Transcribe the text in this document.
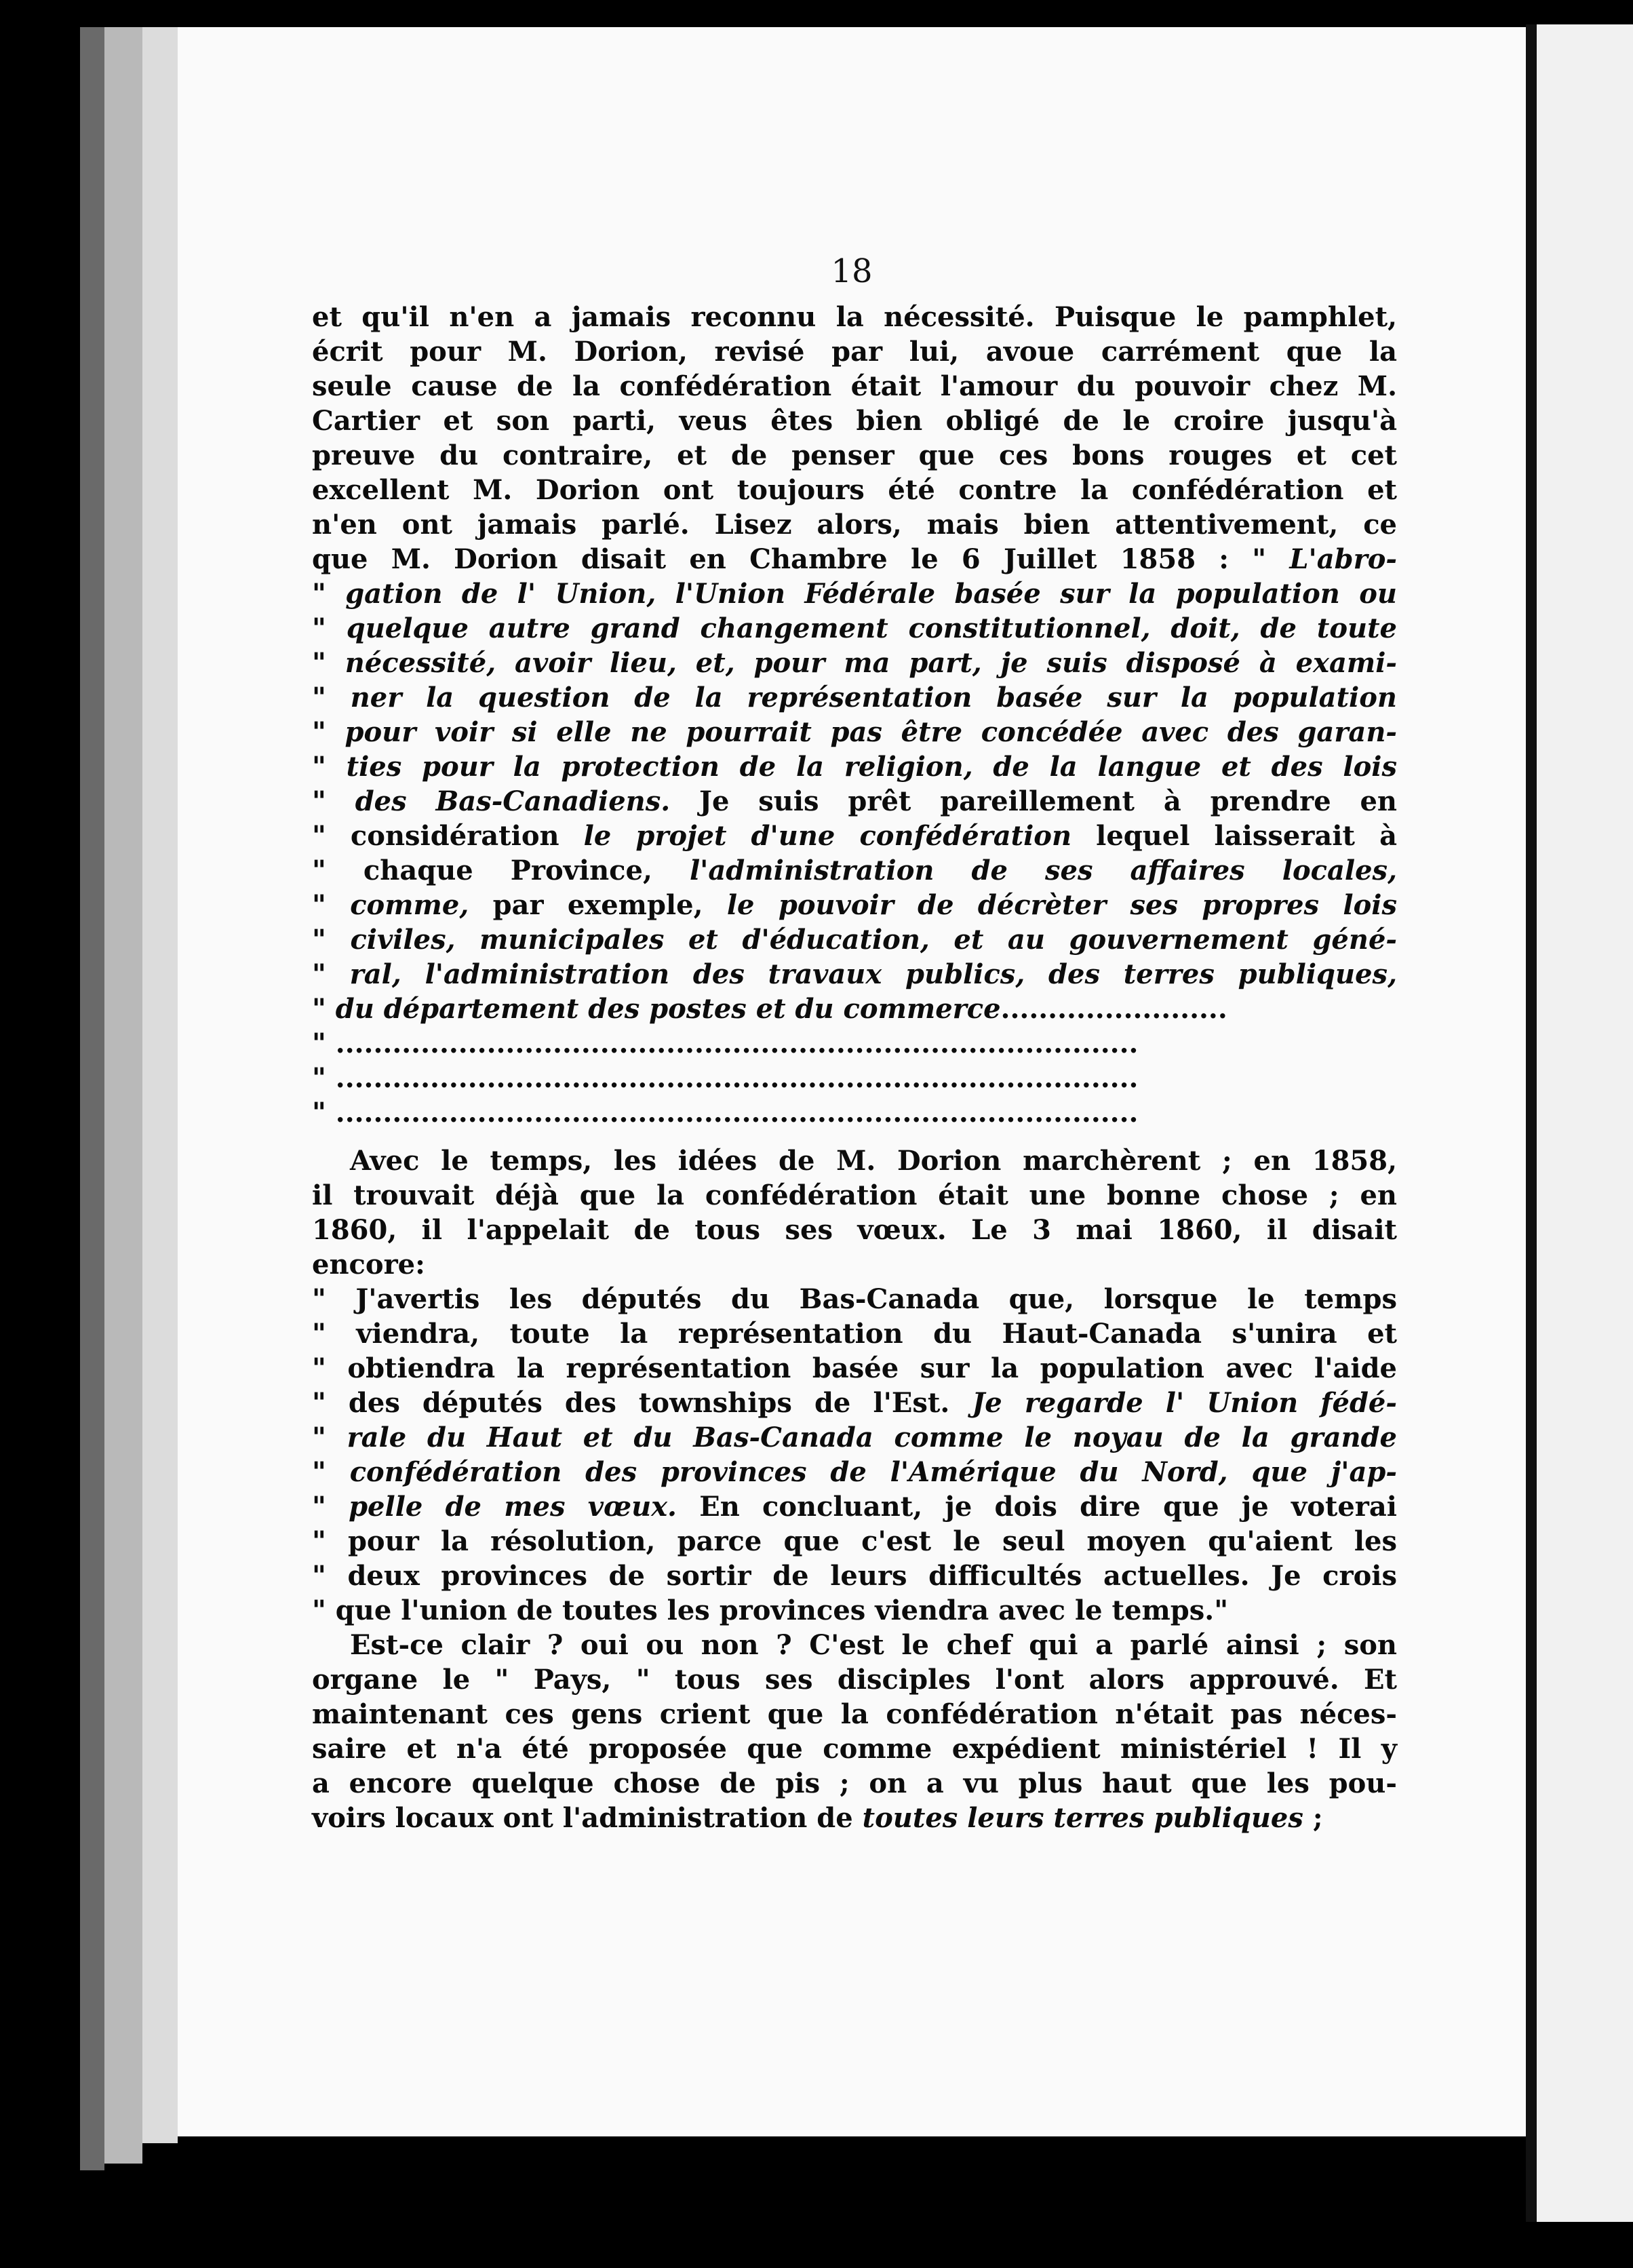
18
et qu'il n'en a jamais reconnu la nécessité. Puisque le pamphlet,
écrit pour M. Dorion, revisé par lui, avoue carrément que la
seule cause de la confédération était l'amour du pouvoir chez M.
Cartier et son parti, veus êtes bien obligé de le croire jusqu'à
preuve du contraire, et de penser que ces bons rouges et cet
excellent M. Dorion ont toujours été contre la confédération et
n'en ont jamais parlé. Lisez alors, mais bien attentivement, ce
que M. Dorion disait en Chambre le 6 Juillet 1858 : " L'abro-
" gation de l' Union, l'Union Fédérale basée sur la population ou
" quelque autre grand changement constitutionnel, doit, de toute
" nécessité, avoir lieu, et, pour ma part, je suis disposé à exami-
" ner la question de la représentation basée sur la population
" pour voir si elle ne pourrait pas être concédée avec des garan-
" ties pour la protection de la religion, de la langue et des lois
" des Bas-Canadiens. Je suis prêt pareillement à prendre en
" considération le projet d'une confédération lequel laisserait à
" chaque Province, l'administration de ses affaires locales,
" comme, par exemple, le pouvoir de décrèter ses propres lois
" civiles, municipales et d'éducation, et au gouvernement géné-
" ral, l'administration des travaux publics, des terres publiques,
" du département des postes et du commerce........................
" .....................................................................................
" .....................................................................................
" .....................................................................................
Avec le temps, les idées de M. Dorion marchèrent ; en 1858,
il trouvait déjà que la confédération était une bonne chose ; en
1860, il l'appelait de tous ses vœux. Le 3 mai 1860, il disait
encore:
" J'avertis les députés du Bas-Canada que, lorsque le temps
" viendra, toute la représentation du Haut-Canada s'unira et
" obtiendra la représentation basée sur la population avec l'aide
" des députés des townships de l'Est. Je regarde l' Union fédé-
" rale du Haut et du Bas-Canada comme le noyau de la grande
" confédération des provinces de l'Amérique du Nord, que j'ap-
" pelle de mes vœux. En concluant, je dois dire que je voterai
" pour la résolution, parce que c'est le seul moyen qu'aient les
" deux provinces de sortir de leurs difficultés actuelles. Je crois
" que l'union de toutes les provinces viendra avec le temps."
Est-ce clair ? oui ou non ? C'est le chef qui a parlé ainsi ; son
organe le " Pays, " tous ses disciples l'ont alors approuvé. Et
maintenant ces gens crient que la confédération n'était pas néces-
saire et n'a été proposée que comme expédient ministériel ! Il y
a encore quelque chose de pis ; on a vu plus haut que les pou-
voirs locaux ont l'administration de toutes leurs terres publiques ;
